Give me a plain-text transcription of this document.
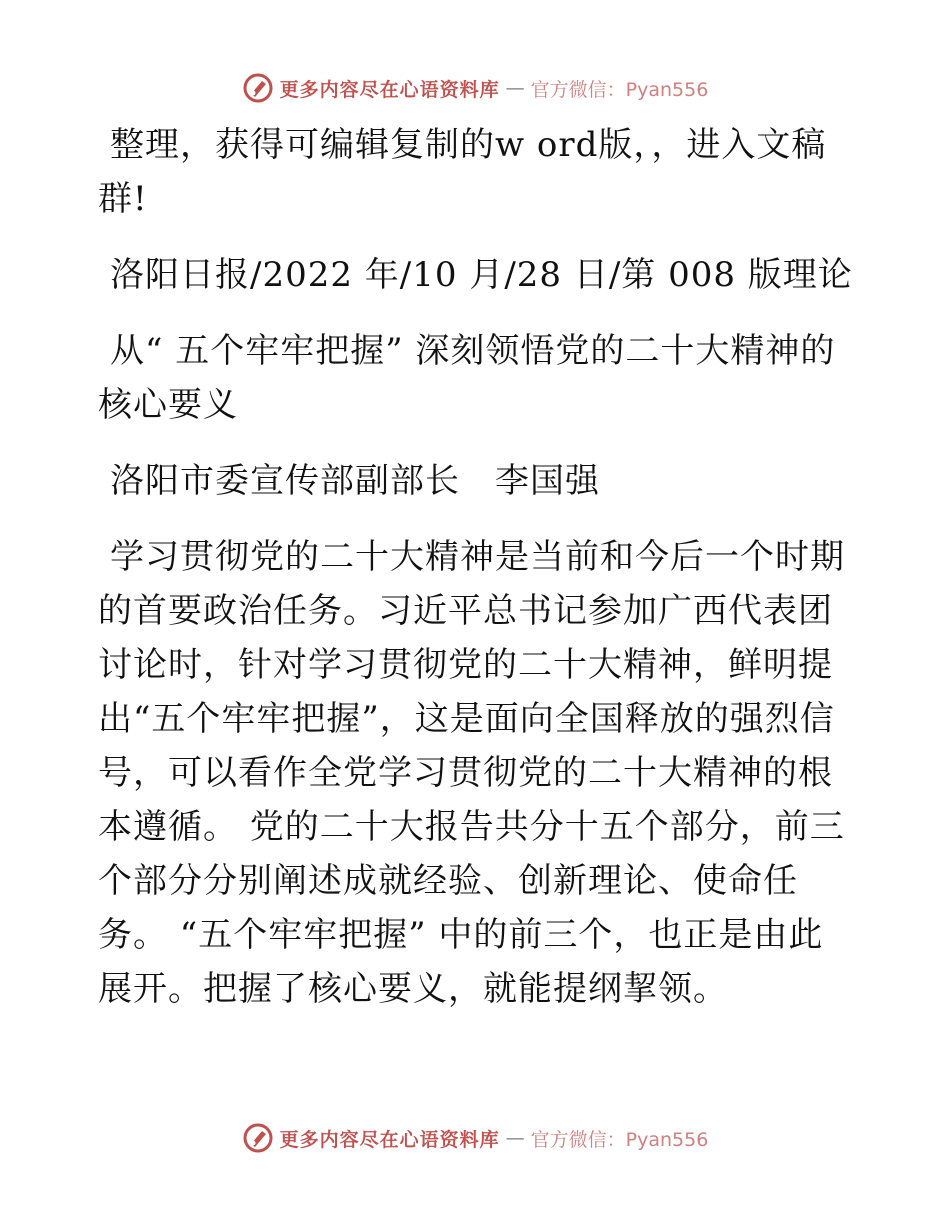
更多内容尽在心语资料库 — 官方微信：Pyan556

整理，获得可编辑复制的w ord版，，进入文稿群!

洛阳日报/2022 年/10 月/28 日/第 008 版理论

从“ 五个牢牢把握” 深刻领悟党的二十大精神的核心要义

洛阳市委宣传部副部长　李国强

学习贯彻党的二十大精神是当前和今后一个时期的首要政治任务。习近平总书记参加广西代表团讨论时，针对学习贯彻党的二十大精神，鲜明提出“五个牢牢把握”，这是面向全国释放的强烈信号，可以看作全党学习贯彻党的二十大精神的根本遵循。 党的二十大报告共分十五个部分，前三个部分分别阐述成就经验、创新理论、使命任务。 “五个牢牢把握” 中的前三个，也正是由此展开。把握了核心要义，就能提纲挈领。

更多内容尽在心语资料库 — 官方微信：Pyan556
